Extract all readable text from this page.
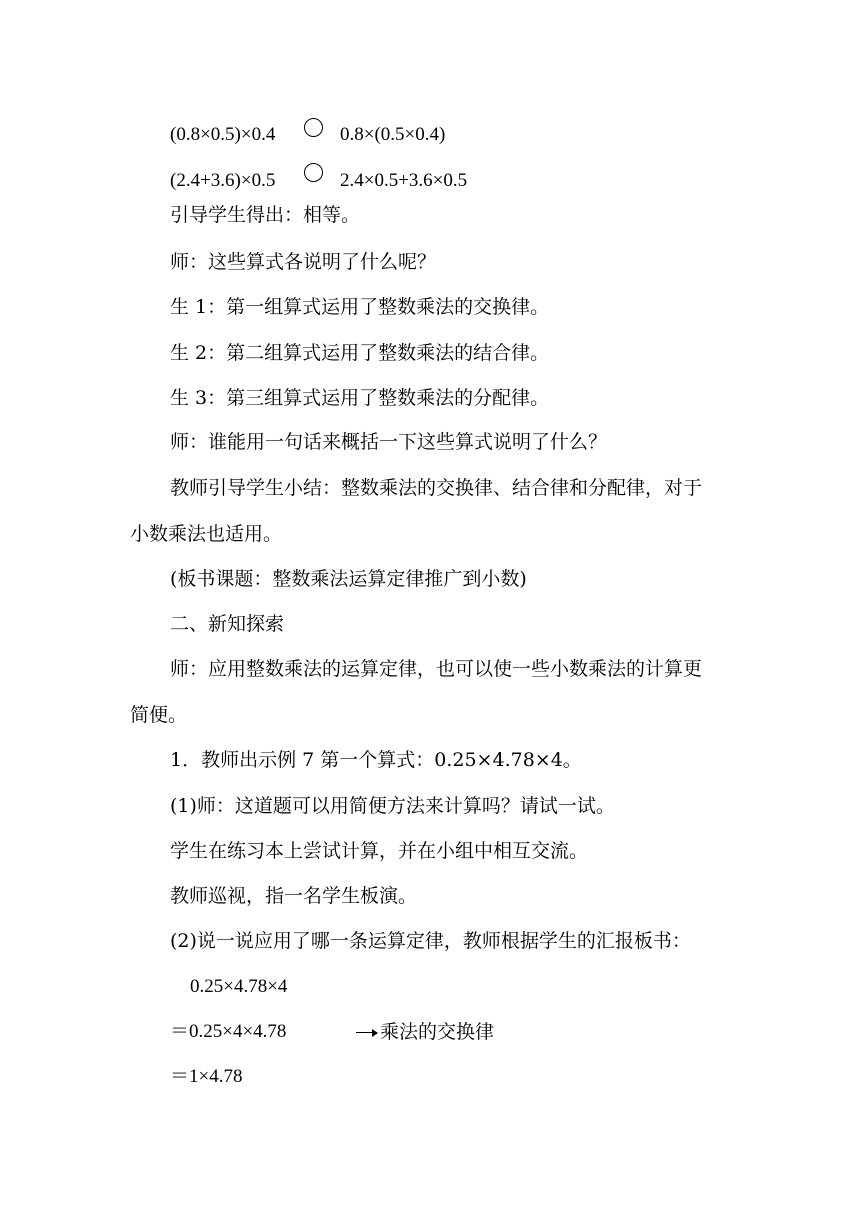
(0.8×0.5)×0.4	0.8×(0.5×0.4)
(2.4+3.6)×0.5	2.4×0.5+3.6×0.5
引导学生得出：相等。
师：这些算式各说明了什么呢？
生 1：第一组算式运用了整数乘法的交换律。
生 2：第二组算式运用了整数乘法的结合律。
生 3：第三组算式运用了整数乘法的分配律。
师：谁能用一句话来概括一下这些算式说明了什么？
教师引导学生小结：整数乘法的交换律、结合律和分配律，对于
小数乘法也适用。
(板书课题：整数乘法运算定律推广到小数)
二、新知探索
师：应用整数乘法的运算定律，也可以使一些小数乘法的计算更
简便。
1．教师出示例 7 第一个算式：0.25×4.78×4。
(1)师：这道题可以用简便方法来计算吗？请试一试。
学生在练习本上尝试计算，并在小组中相互交流。
教师巡视，指一名学生板演。
(2)说一说应用了哪一条运算定律，教师根据学生的汇报板书：
0.25×4.78×4
＝0.25×4×4.78	乘法的交换律
＝1×4.78
